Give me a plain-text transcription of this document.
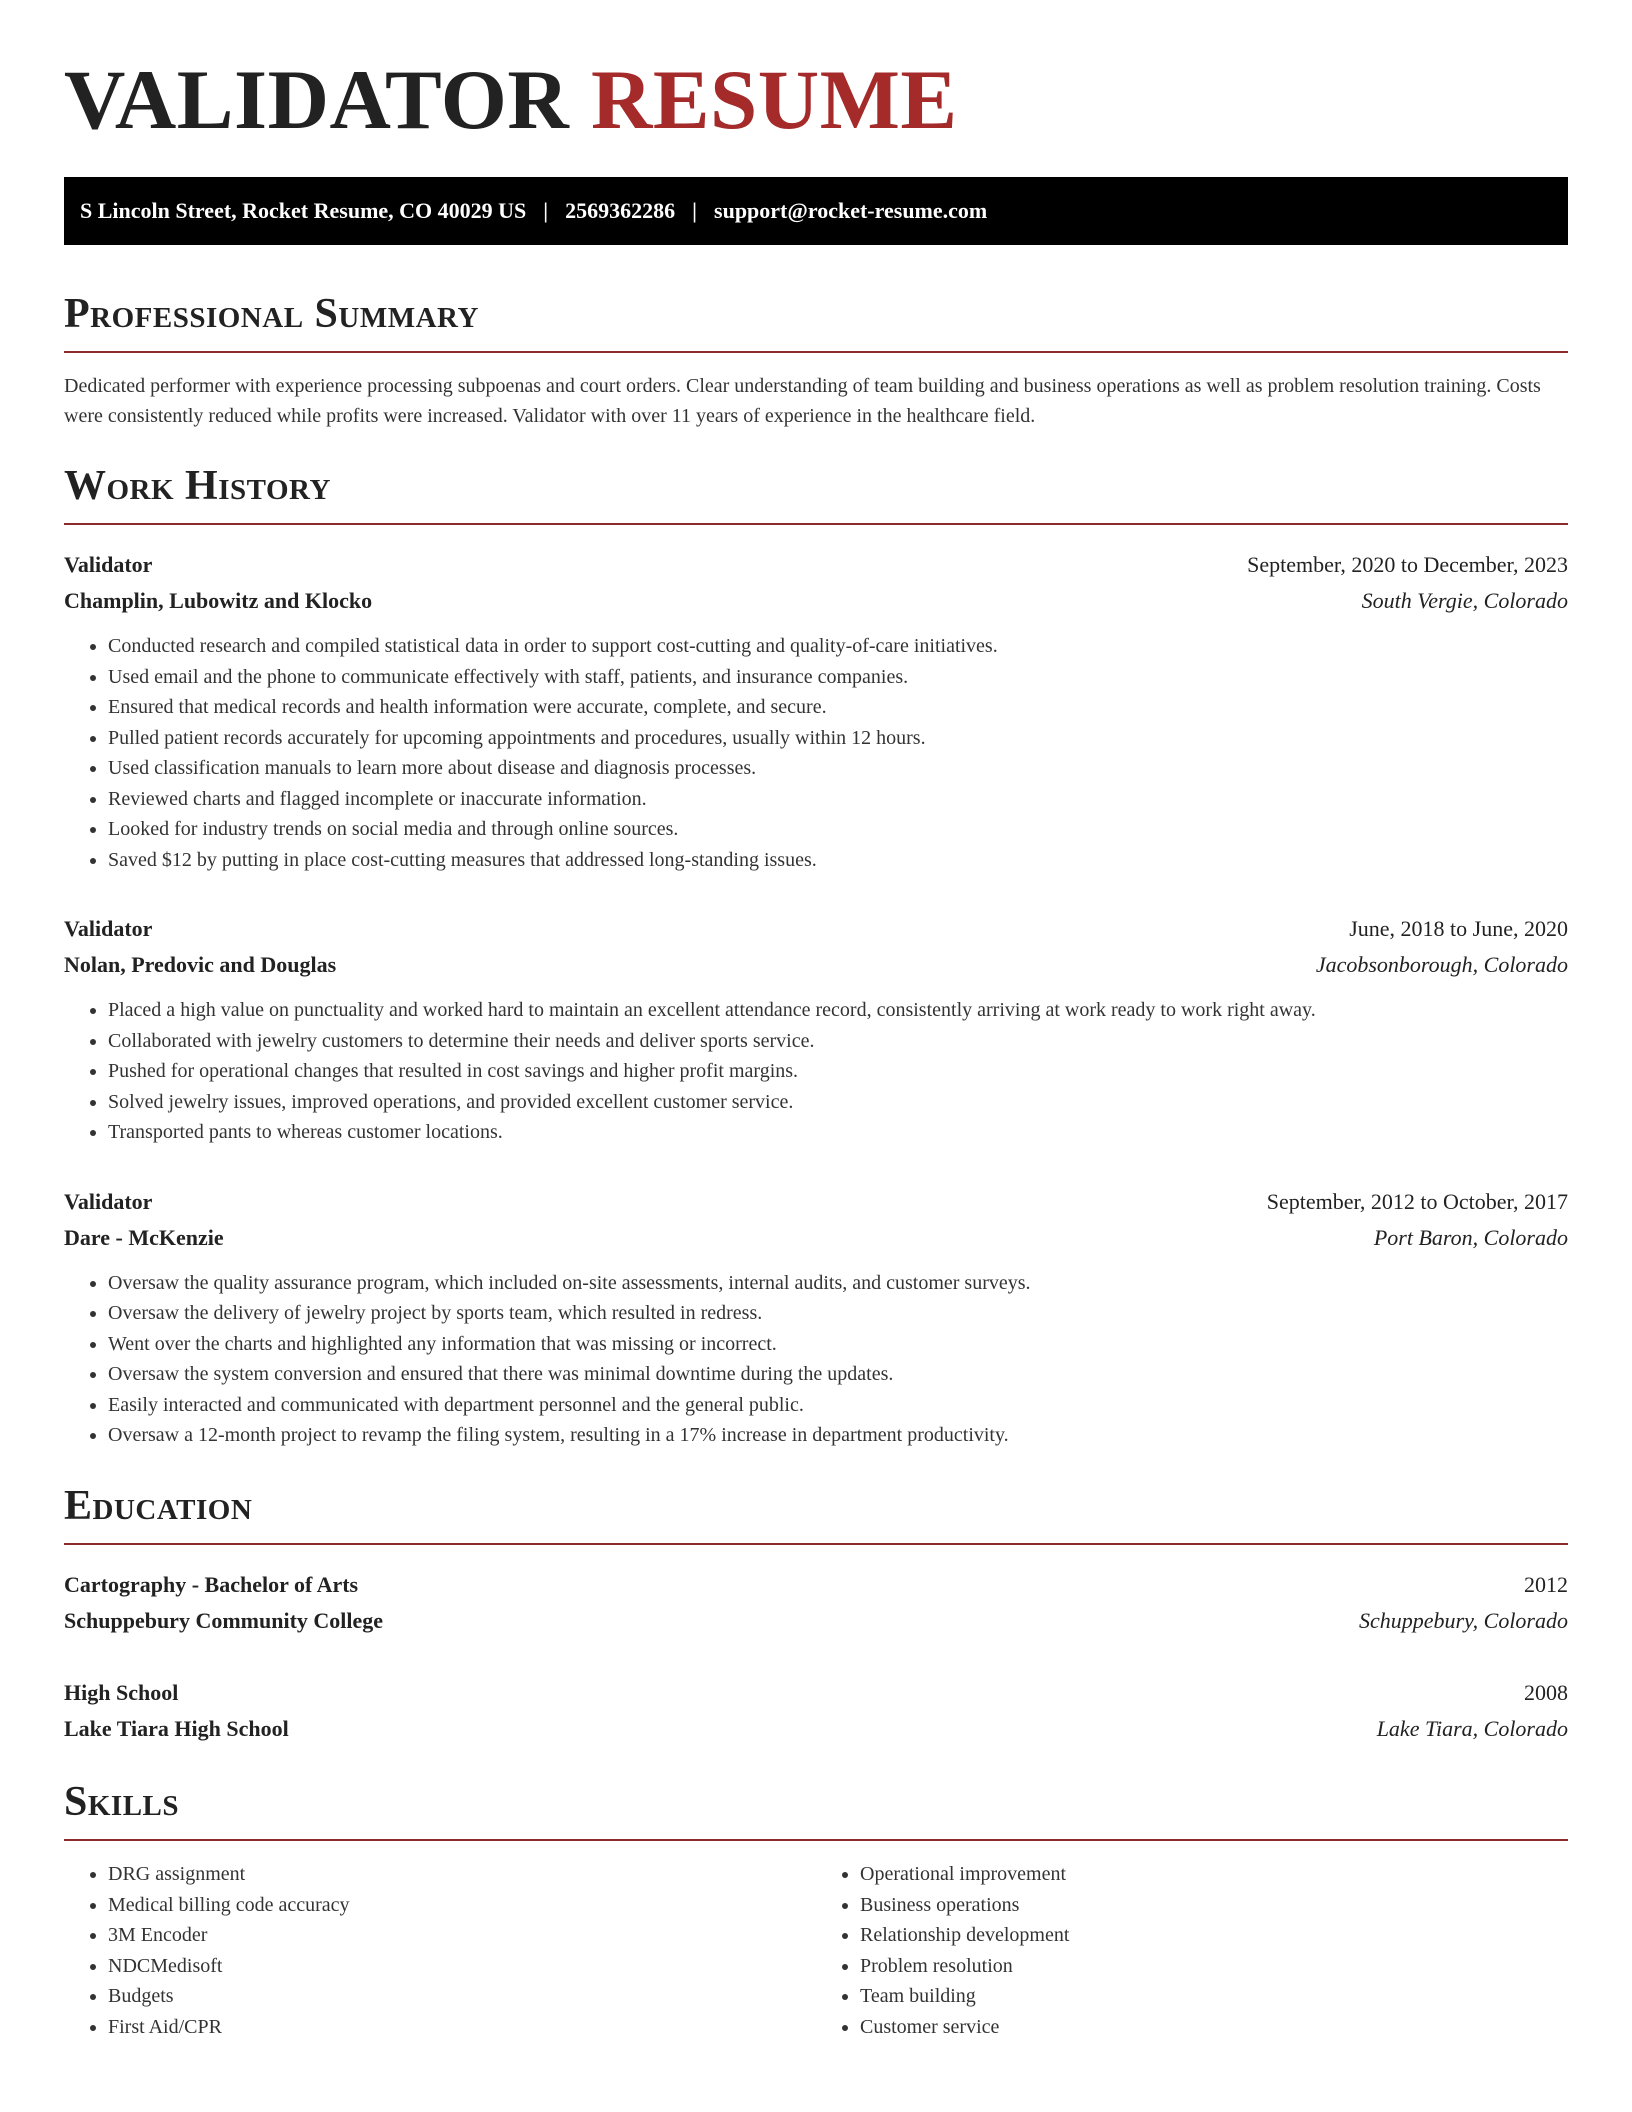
VALIDATOR RESUME
S Lincoln Street, Rocket Resume, CO 40029 US | 2569362286 | support@rocket-resume.com
Professional Summary

Dedicated performer with experience processing subpoenas and court orders. Clear understanding of team building and business operations as well as problem resolution training. Costs were consistently reduced while profits were increased. Validator with over 11 years of experience in the healthcare field.

Work History
Validator	September, 2020 to December, 2023
Champlin, Lubowitz and Klocko	South Vergie, Colorado
• Conducted research and compiled statistical data in order to support cost-cutting and quality-of-care initiatives.
• Used email and the phone to communicate effectively with staff, patients, and insurance companies.
• Ensured that medical records and health information were accurate, complete, and secure.
• Pulled patient records accurately for upcoming appointments and procedures, usually within 12 hours.
• Used classification manuals to learn more about disease and diagnosis processes.
• Reviewed charts and flagged incomplete or inaccurate information.
• Looked for industry trends on social media and through online sources.
• Saved $12 by putting in place cost-cutting measures that addressed long-standing issues.
Validator	June, 2018 to June, 2020
Nolan, Predovic and Douglas	Jacobsonborough, Colorado
• Placed a high value on punctuality and worked hard to maintain an excellent attendance record, consistently arriving at work ready to work right away.
• Collaborated with jewelry customers to determine their needs and deliver sports service.
• Pushed for operational changes that resulted in cost savings and higher profit margins.
• Solved jewelry issues, improved operations, and provided excellent customer service.
• Transported pants to whereas customer locations.
Validator	September, 2012 to October, 2017
Dare - McKenzie	Port Baron, Colorado
• Oversaw the quality assurance program, which included on-site assessments, internal audits, and customer surveys.
• Oversaw the delivery of jewelry project by sports team, which resulted in redress.
• Went over the charts and highlighted any information that was missing or incorrect.
• Oversaw the system conversion and ensured that there was minimal downtime during the updates.
• Easily interacted and communicated with department personnel and the general public.
• Oversaw a 12-month project to revamp the filing system, resulting in a 17% increase in department productivity.
Education
Cartography - Bachelor of Arts	2012
Schuppebury Community College	Schuppebury, Colorado
High School	2008
Lake Tiara High School	Lake Tiara, Colorado
Skills
• DRG assignment
• Medical billing code accuracy
• 3M Encoder
• NDCMedisoft
• Budgets
• First Aid/CPR
• Operational improvement
• Business operations
• Relationship development
• Problem resolution
• Team building
• Customer service
